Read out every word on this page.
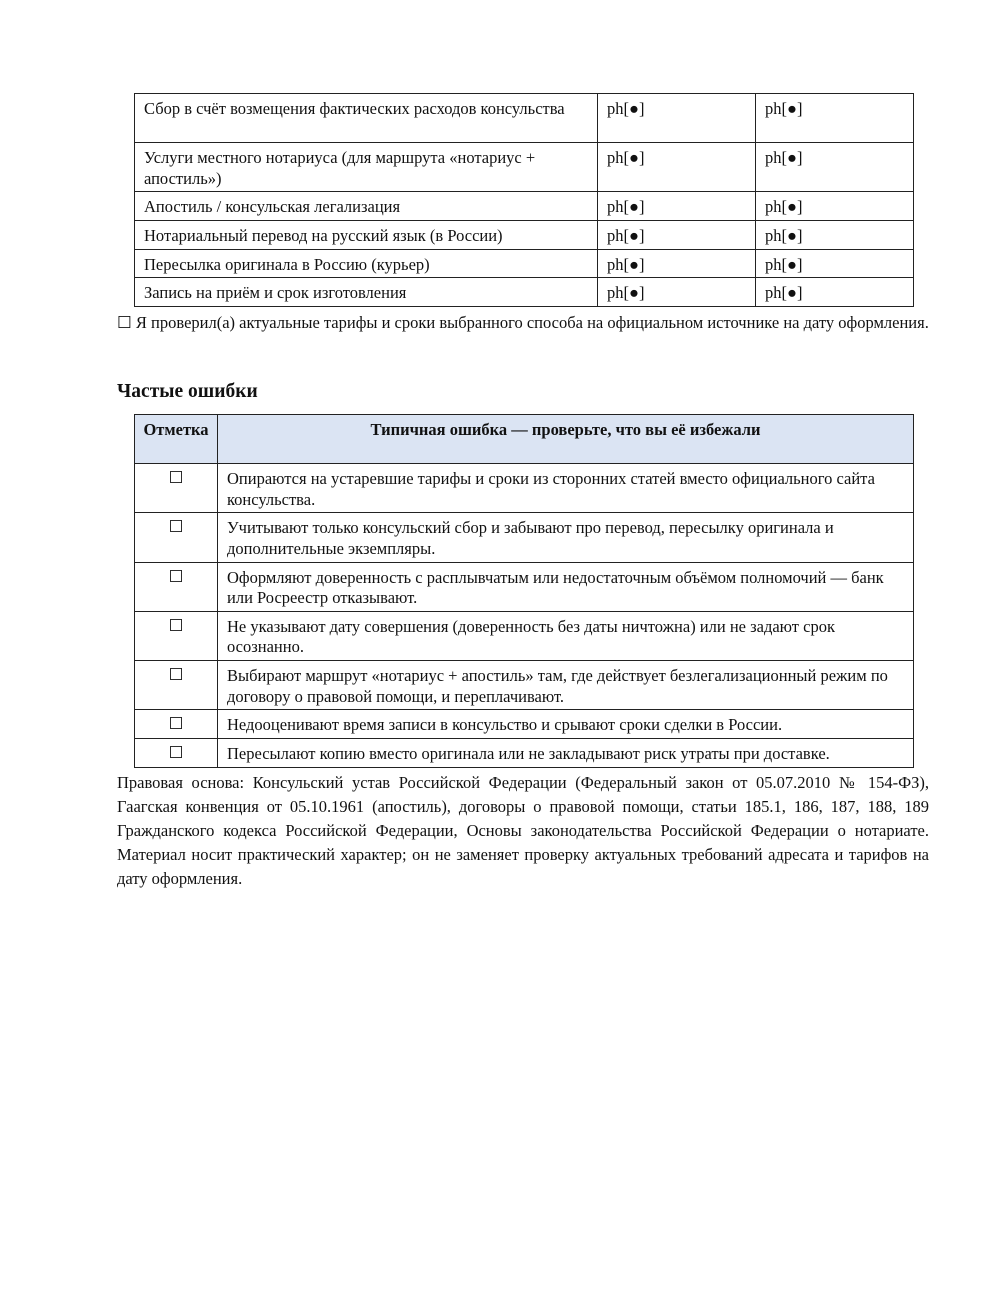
Сбор в счёт возмещения фактических расходов консульства	ph[●]	ph[●]
Услуги местного нотариуса (для маршрута «нотариус + апостиль»)	ph[●]	ph[●]
Апостиль / консульская легализация	ph[●]	ph[●]
Нотариальный перевод на русский язык (в России)	ph[●]	ph[●]
Пересылка оригинала в Россию (курьер)	ph[●]	ph[●]
Запись на приём и срок изготовления	ph[●]	ph[●]

☐ Я проверил(а) актуальные тарифы и сроки выбранного способа на официальном источнике на дату оформления.

Частые ошибки
Отметка	Типичная ошибка — проверьте, что вы её избежали
☐	Опираются на устаревшие тарифы и сроки из сторонних статей вместо официального сайта консульства.
☐	Учитывают только консульский сбор и забывают про перевод, пересылку оригинала и дополнительные экземпляры.
☐	Оформляют доверенность с расплывчатым или недостаточным объёмом полномочий — банк или Росреестр отказывают.
☐	Не указывают дату совершения (доверенность без даты ничтожна) или не задают срок осознанно.
☐	Выбирают маршрут «нотариус + апостиль» там, где действует безлегализационный режим по договору о правовой помощи, и переплачивают.
☐	Недооценивают время записи в консульство и срывают сроки сделки в России.
☐	Пересылают копию вместо оригинала или не закладывают риск утраты при доставке.

Правовая основа: Консульский устав Российской Федерации (Федеральный закон от 05.07.2010 № 154-ФЗ), Гаагская конвенция от 05.10.1961 (апостиль), договоры о правовой помощи, статьи 185.1, 186, 187, 188, 189 Гражданского кодекса Российской Федерации, Основы законодательства Российской Федерации о нотариате. Материал носит практический характер; он не заменяет проверку актуальных требований адресата и тарифов на дату оформления.
